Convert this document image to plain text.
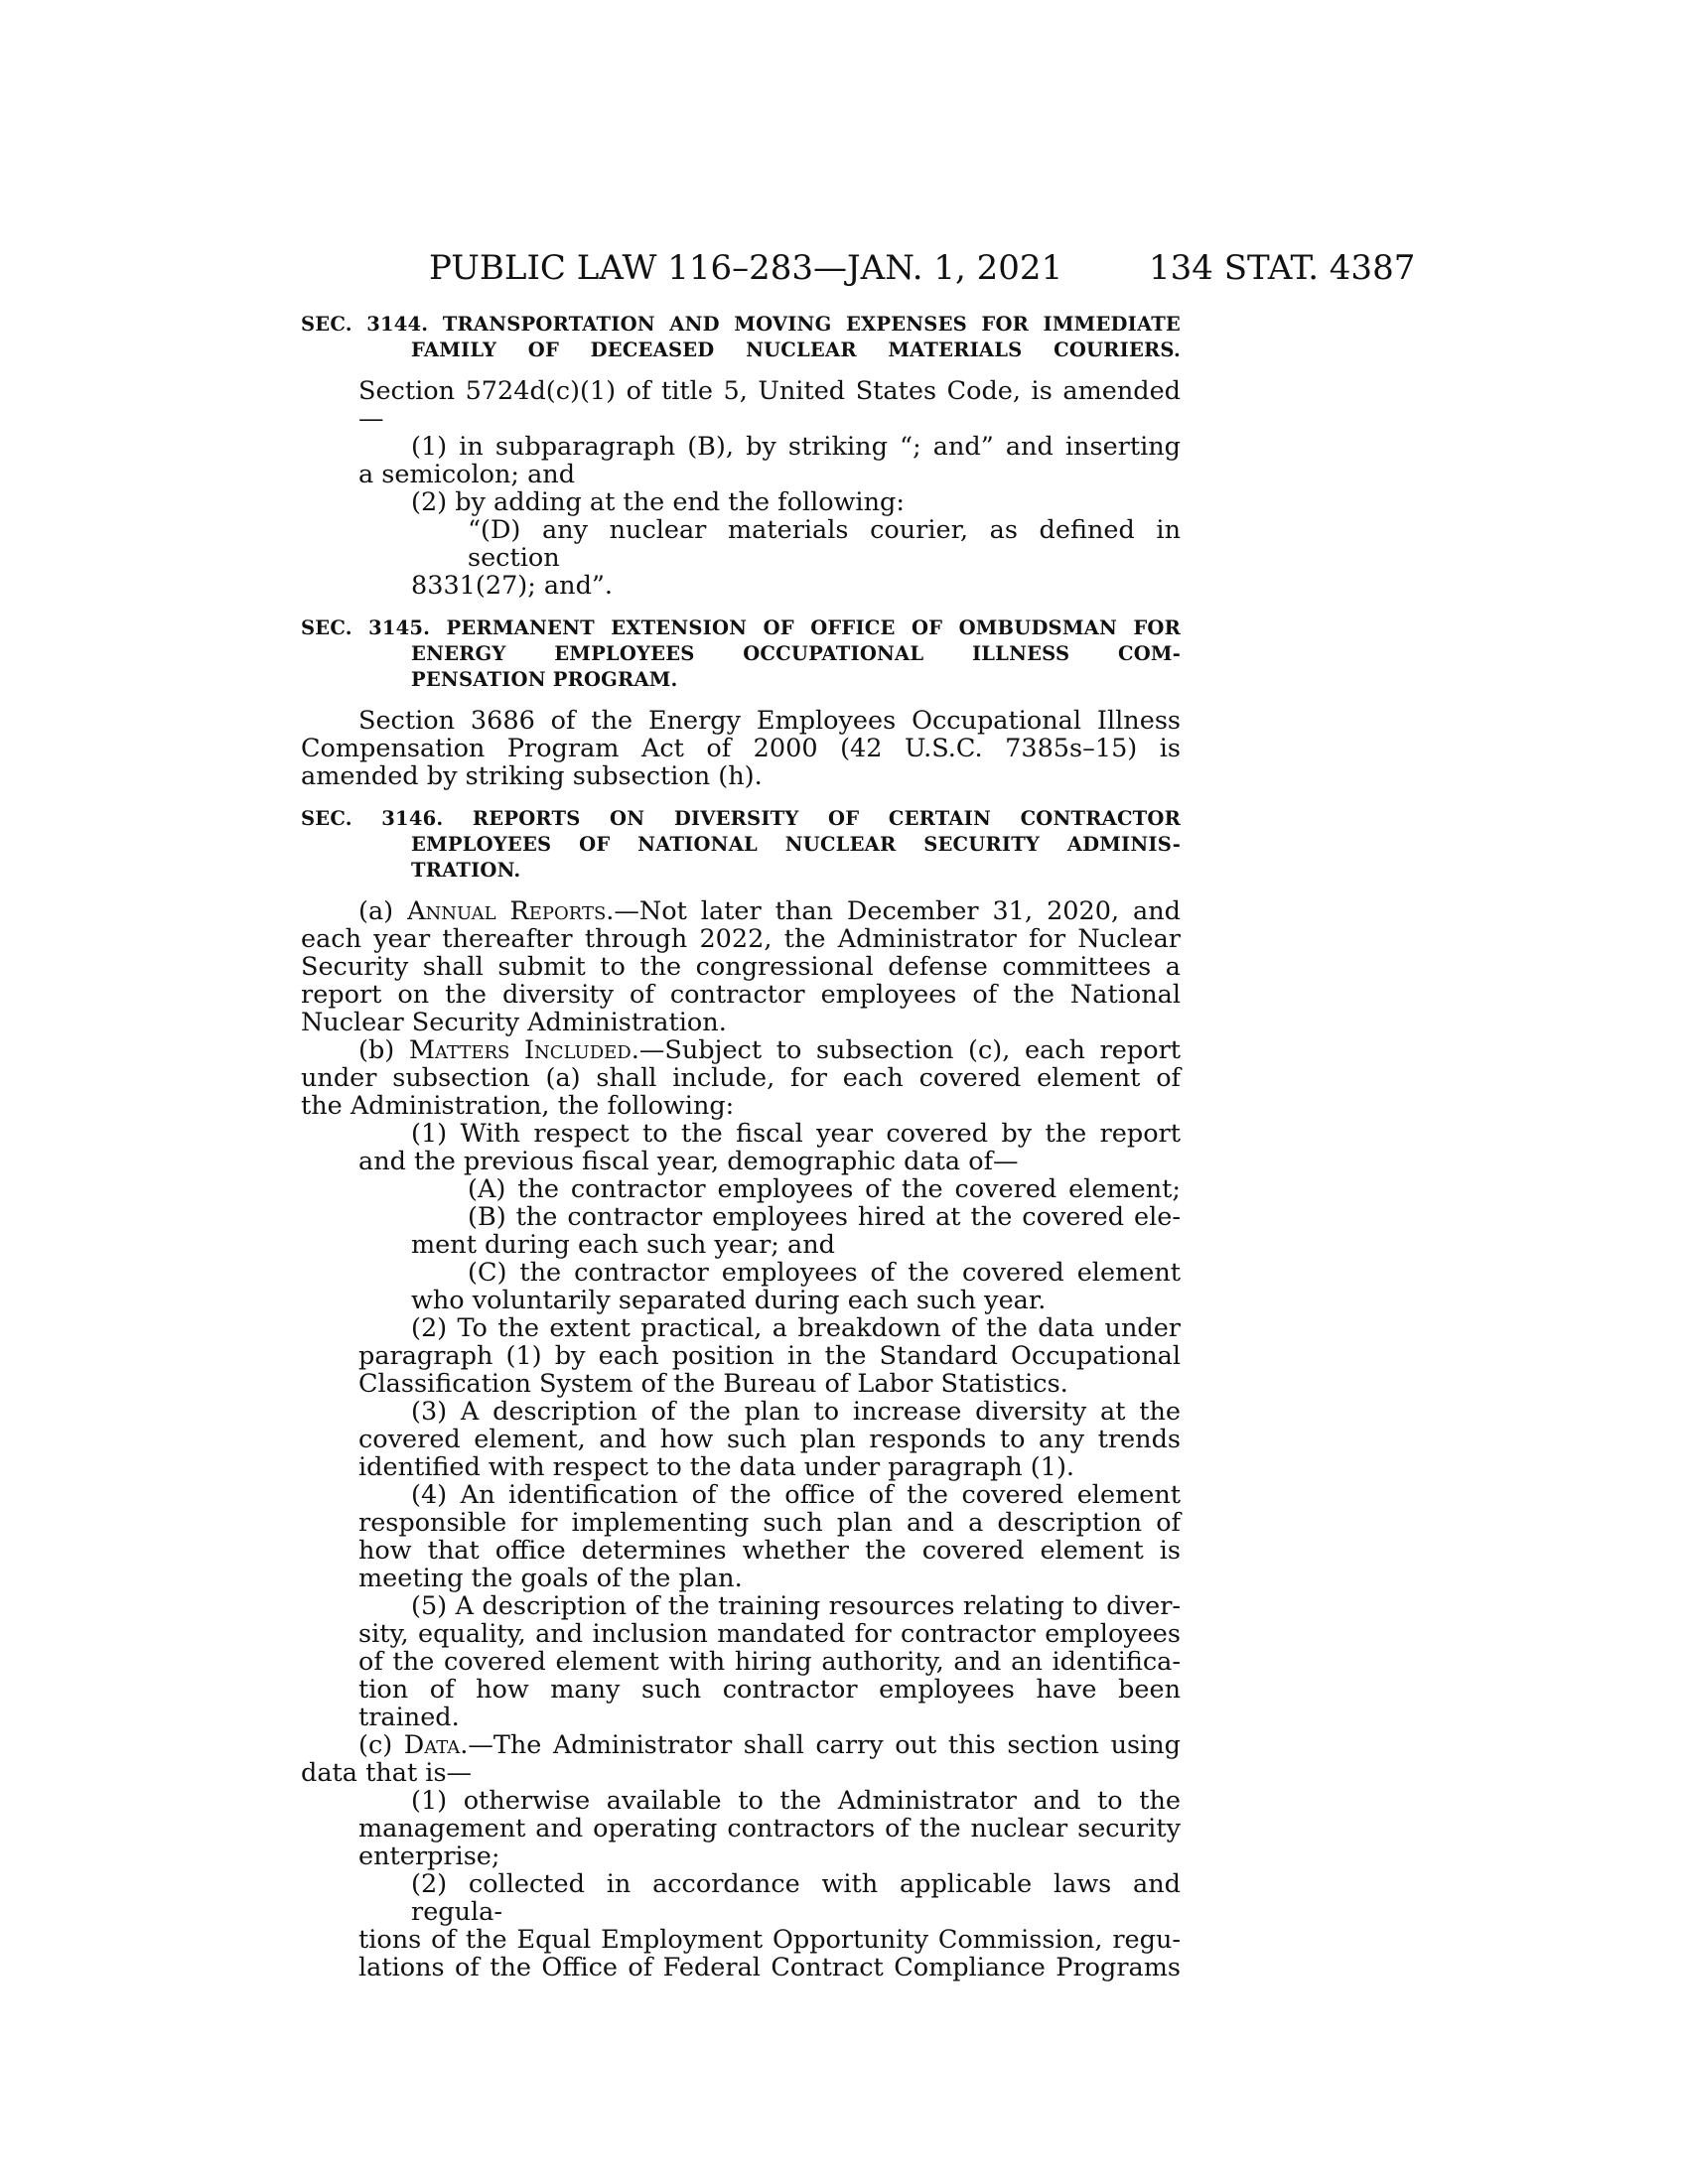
PUBLIC LAW 116–283—JAN. 1, 2021	134 STAT. 4387
SEC. 3144. TRANSPORTATION AND MOVING EXPENSES FOR IMMEDIATE
FAMILY OF DECEASED NUCLEAR MATERIALS COURIERS.
Section 5724d(c)(1) of title 5, United States Code, is amended—
(1) in subparagraph (B), by striking “; and” and inserting
a semicolon; and
(2) by adding at the end the following:
“(D) any nuclear materials courier, as defined in section
8331(27); and”.
SEC. 3145. PERMANENT EXTENSION OF OFFICE OF OMBUDSMAN FOR
ENERGY EMPLOYEES OCCUPATIONAL ILLNESS COM-
PENSATION PROGRAM.
Section 3686 of the Energy Employees Occupational Illness
Compensation Program Act of 2000 (42 U.S.C. 7385s–15) is
amended by striking subsection (h).
SEC. 3146. REPORTS ON DIVERSITY OF CERTAIN CONTRACTOR
EMPLOYEES OF NATIONAL NUCLEAR SECURITY ADMINIS-
TRATION.
(a) Annual Reports.—Not later than December 31, 2020, and
each year thereafter through 2022, the Administrator for Nuclear
Security shall submit to the congressional defense committees a
report on the diversity of contractor employees of the National
Nuclear Security Administration.
(b) Matters Included.—Subject to subsection (c), each report
under subsection (a) shall include, for each covered element of
the Administration, the following:
(1) With respect to the fiscal year covered by the report
and the previous fiscal year, demographic data of—
(A) the contractor employees of the covered element;
(B) the contractor employees hired at the covered ele-
ment during each such year; and
(C) the contractor employees of the covered element
who voluntarily separated during each such year.
(2) To the extent practical, a breakdown of the data under
paragraph (1) by each position in the Standard Occupational
Classification System of the Bureau of Labor Statistics.
(3) A description of the plan to increase diversity at the
covered element, and how such plan responds to any trends
identified with respect to the data under paragraph (1).
(4) An identification of the office of the covered element
responsible for implementing such plan and a description of
how that office determines whether the covered element is
meeting the goals of the plan.
(5) A description of the training resources relating to diver-
sity, equality, and inclusion mandated for contractor employees
of the covered element with hiring authority, and an identifica-
tion of how many such contractor employees have been trained.
(c) Data.—The Administrator shall carry out this section using
data that is—
(1) otherwise available to the Administrator and to the
management and operating contractors of the nuclear security
enterprise;
(2) collected in accordance with applicable laws and regula-
tions of the Equal Employment Opportunity Commission, regu-
lations of the Office of Federal Contract Compliance Programs
